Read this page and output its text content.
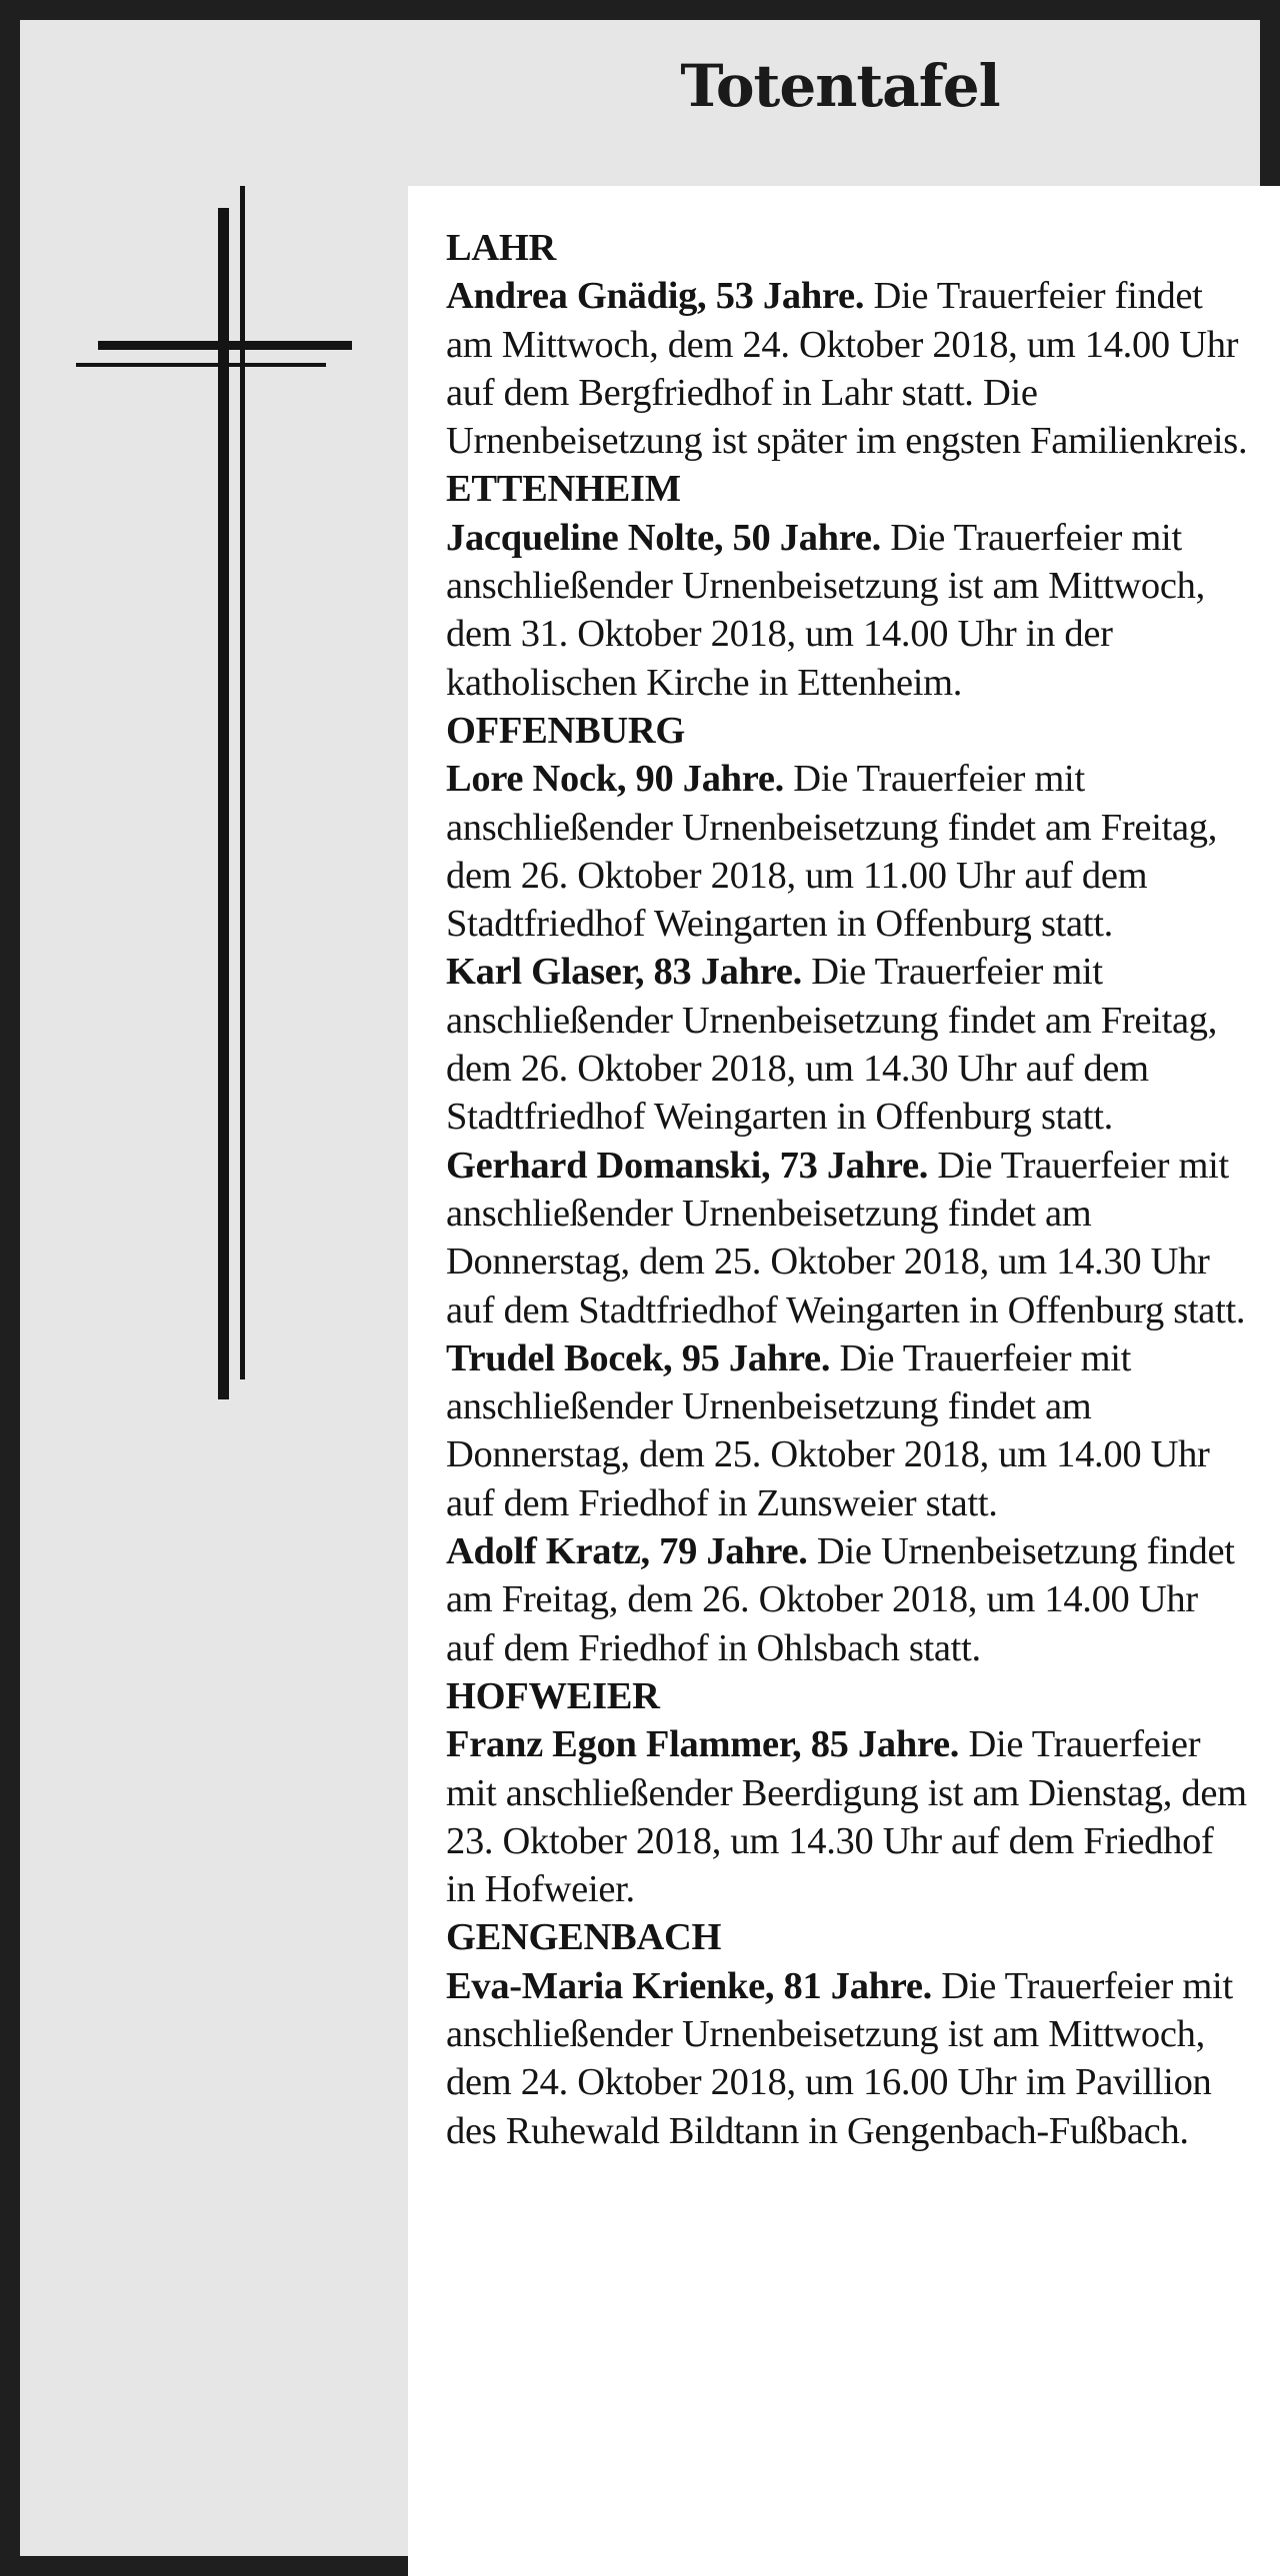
Totentafel
LAHR
Andrea Gnädig, 53 Jahre. Die Trauerfeier findet am Mittwoch, dem 24. Oktober 2018, um 14.00 Uhr auf dem Bergfriedhof in Lahr statt. Die Urnenbeisetzung ist später im engsten Familienkreis.
ETTENHEIM
Jacqueline Nolte, 50 Jahre. Die Trauerfeier mit anschließender Urnenbeisetzung ist am Mittwoch, dem 31. Oktober 2018, um 14.00 Uhr in der katholischen Kirche in Ettenheim.
OFFENBURG
Lore Nock, 90 Jahre. Die Trauerfeier mit anschließender Urnenbeisetzung findet am Freitag, dem 26. Oktober 2018, um 11.00 Uhr auf dem Stadtfriedhof Weingarten in Offenburg statt.
Karl Glaser, 83 Jahre. Die Trauerfeier mit anschließender Urnenbeisetzung findet am Freitag, dem 26. Oktober 2018, um 14.30 Uhr auf dem Stadtfriedhof Weingarten in Offenburg statt.
Gerhard Domanski, 73 Jahre. Die Trauerfeier mit anschließender Urnenbeisetzung findet am Donnerstag, dem 25. Oktober 2018, um 14.30 Uhr auf dem Stadtfriedhof Weingarten in Offenburg statt.
Trudel Bocek, 95 Jahre. Die Trauerfeier mit anschließender Urnenbeisetzung findet am Donnerstag, dem 25. Oktober 2018, um 14.00 Uhr auf dem Friedhof in Zunsweier statt.
Adolf Kratz, 79 Jahre. Die Urnenbeisetzung findet am Freitag, dem 26. Oktober 2018, um 14.00 Uhr auf dem Friedhof in Ohlsbach statt.
HOFWEIER
Franz Egon Flammer, 85 Jahre. Die Trauerfeier mit anschließender Beerdigung ist am Dienstag, dem 23. Oktober 2018, um 14.30 Uhr auf dem Friedhof in Hofweier.
GENGENBACH
Eva-Maria Krienke, 81 Jahre. Die Trauerfeier mit anschließender Urnenbeisetzung ist am Mittwoch, dem 24. Oktober 2018, um 16.00 Uhr im Pavillion des Ruhewald Bildtann in Gengenbach-Fußbach.
